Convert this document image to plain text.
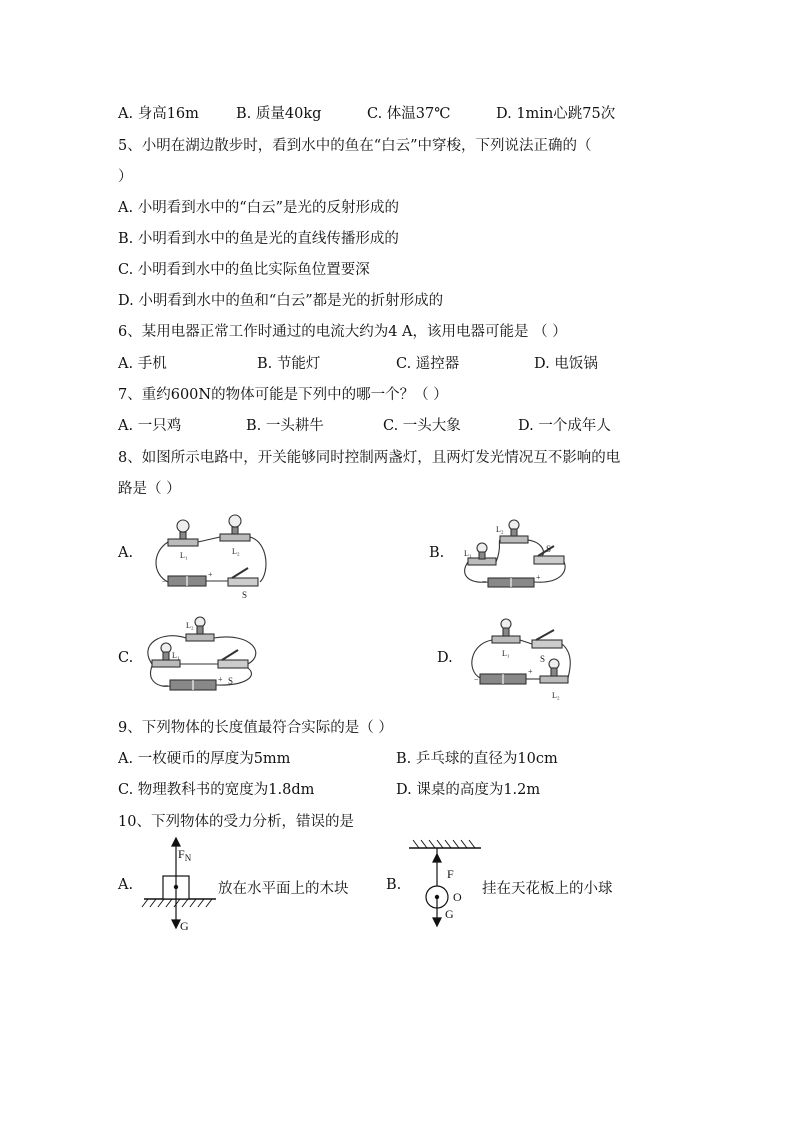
A. 身高16m	B. 质量40kg	C. 体温37℃	D. 1min心跳75次
5、小明在湖边散步时，看到水中的鱼在“白云”中穿梭，下列说法正确的（
）
A. 小明看到水中的“白云”是光的反射形成的
B. 小明看到水中的鱼是光的直线传播形成的
C. 小明看到水中的鱼比实际鱼位置要深
D. 小明看到水中的鱼和“白云”都是光的折射形成的
6、某用电器正常工作时通过的电流大约为4 A，该用电器可能是 （ ）
A. 手机	B. 节能灯	C. 遥控器	D. 电饭锅
7、重约600N的物体可能是下列中的哪一个？（ ）
A. 一只鸡	B. 一头耕牛	C. 一头大象	D. 一个成年人
8、如图所示电路中，开关能够同时控制两盏灯，且两灯发光情况互不影响的电
路是（ ）
A.	B.
C.	D.
L₁	L₂
−
+
S
L₁
L₂
S
−	+
L₁
L₂
S
−
+
L₁
S
L₂
−
+
9、下列物体的长度值最符合实际的是（ ）
A. 一枚硬币的厚度为5mm	B. 乒乓球的直径为10cm
C. 物理教科书的宽度为1.8dm	D. 课桌的高度为1.2m
10、下列物体的受力分析，错误的是
A.	放在水平面上的木块	B.	挂在天花板上的小球
$F_N$
G
F
O
G
